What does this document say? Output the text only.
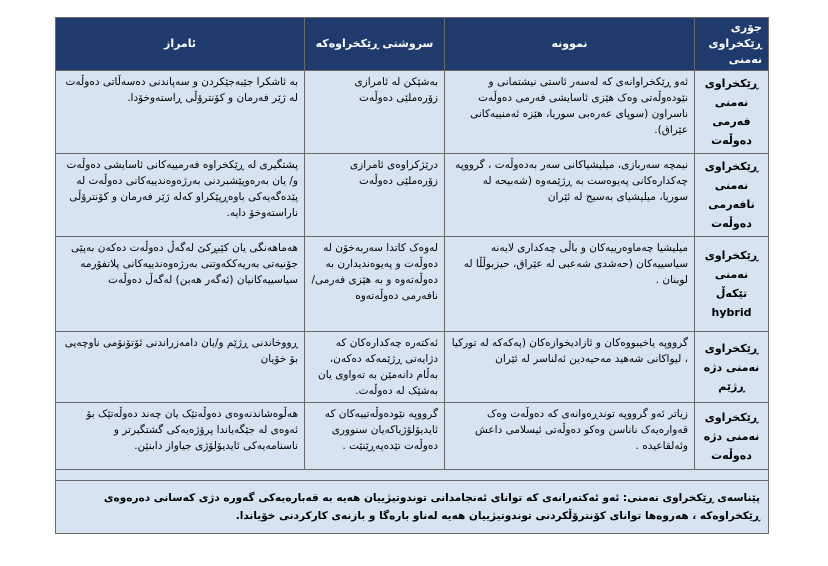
جۆری ڕێکخراوی نەمنی	نموونە	سروشتی ڕێکخراوەکە	ئامراز
ڕێکخراوی نەمنی فەرمی دەوڵەت	ئەو ڕێکخراوانەی کە لەسەر ئاستی نیشتمانی و نێودەوڵەتی وەک هێزی ئاسایشی فەرمی دەوڵەت ناسراون (سوپای عەرەبی سوریا، هێزە ئەمنییەکانی عێراق).	بەشێکن لە ئامرازی زۆرەملێی دەوڵەت	بە ئاشکرا جێبەجێکردن و سەپاندنی دەسەڵاتی دەوڵەت لە ژێر فەرمان و کۆنترۆڵی ڕاستەوخۆدا.
ڕێکخراوی نەمنی نافەرمی دەوڵەت	نیمچە سەربازی، میلیشیاکانی سەر بەدەوڵەت ، گرووپە چەکدارەکانی پەیوەست بە ڕژێمەوە (شەبیحە لە سوریا، میلیشیای بەسیج لە ئێران	درێژکراوەی ئامرازی زۆرەملێی دەوڵەت	پشتگیری لە ڕێکخراوە فەرمییەکانی ئاسایشی دەوڵەت و/ یان بەرەوپێشبردنی بەرژەوەندییەکانی دەوڵەت لە پێدەگەیەکی باوەڕپێکراو کەلە ژێر فەرمان و کۆنترۆڵی ناراستەوخۆ دایە.
ڕێکخراوی نەمنی تێکەڵ hybrid	میلیشیا چەماوەرییەکان و باڵی چەکداری لایەنە سیاسییەکان (حەشدی شەعبی لە عێراق، حیزبوڵڵا لە لوبنان .	لەوەک کاتدا سەربەخۆن لە دەوڵەت و پەیوەندیدارن بە دەوڵەتەوە و بە هێزی فەرمی/ نافەرمی دەوڵەتەوە	هەماهەنگی یان کێبڕکێ لەگەڵ دەوڵەت دەکەن بەپێی جۆنیەتی بەریەککەوتنی بەرژەوەندییەکانی پلاتفۆرمە سیاسییەکانیان (ئەگەر هەبن) لەگەڵ دەوڵەت
ڕێکخراوی نەمنی دژە ڕژێم	گرووپە یاخیبووەکان و ئازادیخوازەکان (پەکەکە لە تورکیا ، لیواکانی شەهید مەحیەدین ئەلناسر لە ئێران	ئەکتەرە چەکدارەکان کە دژایەتی ڕژێمەکە دەکەن، بەڵام دانەمێن بە تەواوی یان بەشێک لە دەوڵەت.	ڕووخاندنی ڕژێم و/یان دامەزراندنی ئۆتۆنۆمی ناوچەیی بۆ خۆیان
ڕێکخراوی نەمنی دژە دەوڵەت	زیاتر ئەو گرووپە توندڕەوانەی کە دەوڵەت وەک قەوارەیەک ناناسن وەکو دەوڵەتی ئیسلامی داعش وئەلقاعیدە .	گرووپە نێودەوڵەتییەکان کە ئایدیۆلۆژیاکەیان سنووری دەوڵەت تێدەپەڕێنێت .	هەڵوەشاندنەوەی دەوڵەتێک یان چەند دەوڵەتێک بۆ ئەوەی لە جێگەیاندا پرۆژەیەکی گشتگیرتر و ناسنامەیەکی ئایدیۆلۆژی جیاواز دابنێن.

پێناسەی ڕێکخراوی نەمنی: ئەو ئەکتەرانەی کە توانای ئەنجامدانی توندوتیژییان هەیە بە قەبارەیەکی گەورە دژی کەسانی دەرەوەی ڕێکخراوەکە ، هەروەها توانای کۆنترۆڵکردنی توندوتیژییان هەیە لەناو بارەگا و بازنەی کارکردنی خۆیاندا.			
